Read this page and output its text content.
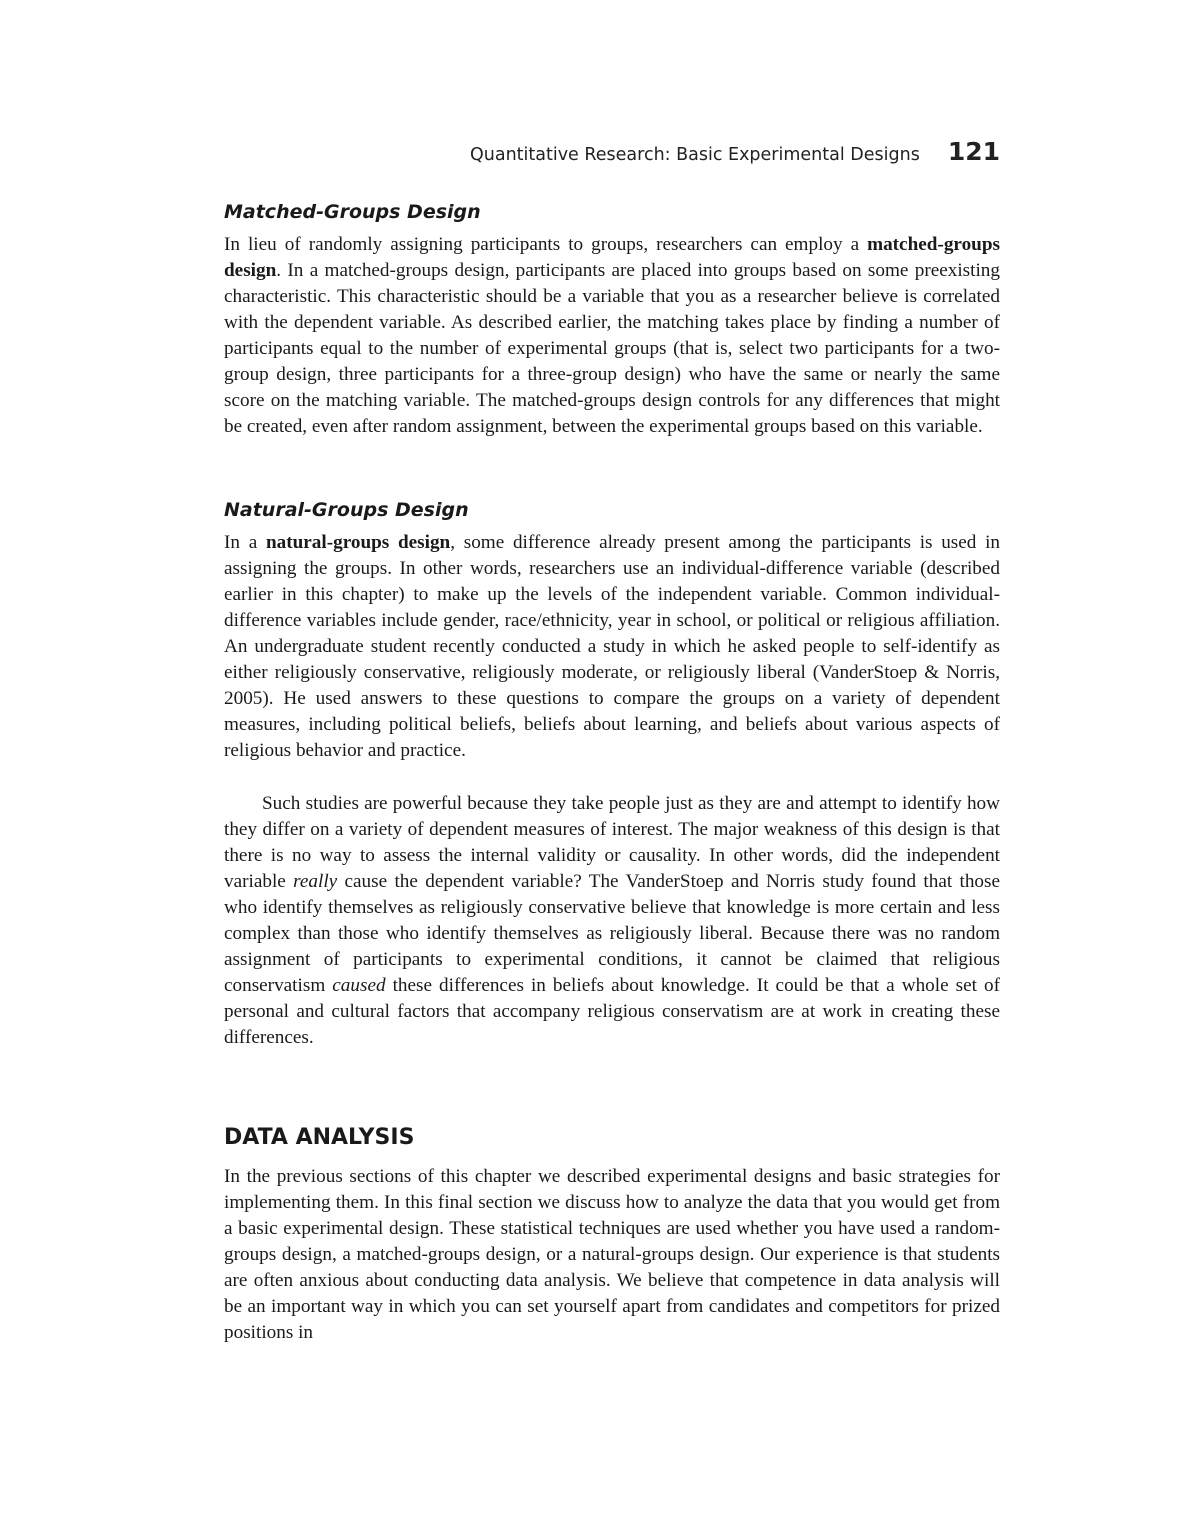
Quantitative Research: Basic Experimental Designs 121
Matched-Groups Design

In lieu of randomly assigning participants to groups, researchers can employ a matched-groups design. In a matched-groups design, participants are placed into groups based on some preexisting characteristic. This characteristic should be a variable that you as a researcher believe is correlated with the dependent variable. As described earlier, the matching takes place by finding a number of participants equal to the number of experimental groups (that is, select two participants for a two-group design, three participants for a three-group design) who have the same or nearly the same score on the matching variable. The matched-groups design controls for any differences that might be created, even after random assignment, between the experimental groups based on this variable.

Natural-Groups Design

In a natural-groups design, some difference already present among the participants is used in assigning the groups. In other words, researchers use an individual-difference variable (described earlier in this chapter) to make up the levels of the independent variable. Common individual-difference variables include gender, race/ethnicity, year in school, or political or religious affiliation. An undergraduate student recently conducted a study in which he asked people to self-identify as either religiously conservative, religiously moderate, or religiously liberal (VanderStoep & Norris, 2005). He used answers to these questions to compare the groups on a variety of dependent measures, including political beliefs, beliefs about learning, and beliefs about various aspects of religious behavior and practice.

Such studies are powerful because they take people just as they are and attempt to identify how they differ on a variety of dependent measures of interest. The major weakness of this design is that there is no way to assess the internal validity or causality. In other words, did the independent variable really cause the dependent variable? The VanderStoep and Norris study found that those who identify themselves as religiously conservative believe that knowledge is more certain and less complex than those who identify themselves as religiously liberal. Because there was no random assignment of participants to experimental conditions, it cannot be claimed that religious conservatism caused these differences in beliefs about knowledge. It could be that a whole set of personal and cultural factors that accompany religious conservatism are at work in creating these differences.

DATA ANALYSIS

In the previous sections of this chapter we described experimental designs and basic strategies for implementing them. In this final section we discuss how to analyze the data that you would get from a basic experimental design. These statistical techniques are used whether you have used a random-groups design, a matched-groups design, or a natural-groups design. Our experience is that students are often anxious about conducting data analysis. We believe that competence in data analysis will be an important way in which you can set yourself apart from candidates and competitors for prized positions in
